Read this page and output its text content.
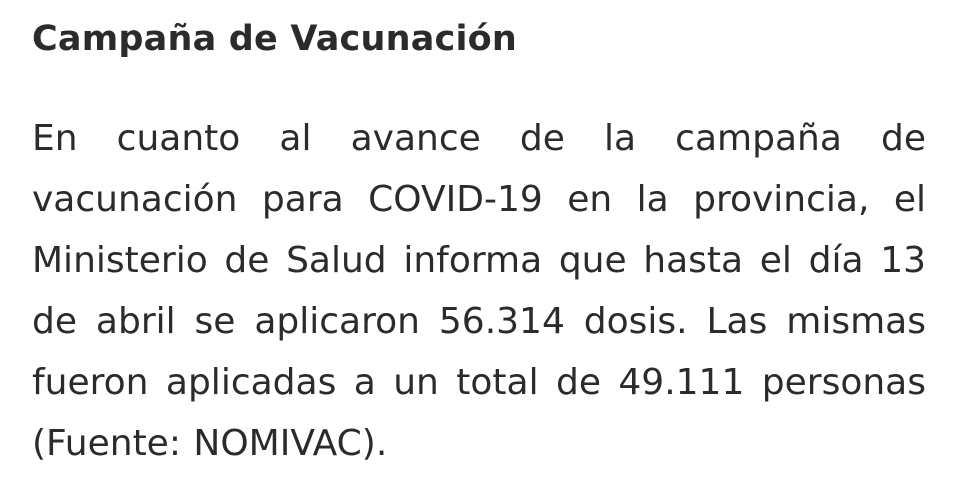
Campaña de Vacunación

En cuanto al avance de la campaña de vacunación para COVID-19 en la provincia, el Ministerio de Salud informa que hasta el día 13 de abril se aplicaron 56.314 dosis. Las mismas fueron aplicadas a un total de 49.111 personas (Fuente: NOMIVAC).
